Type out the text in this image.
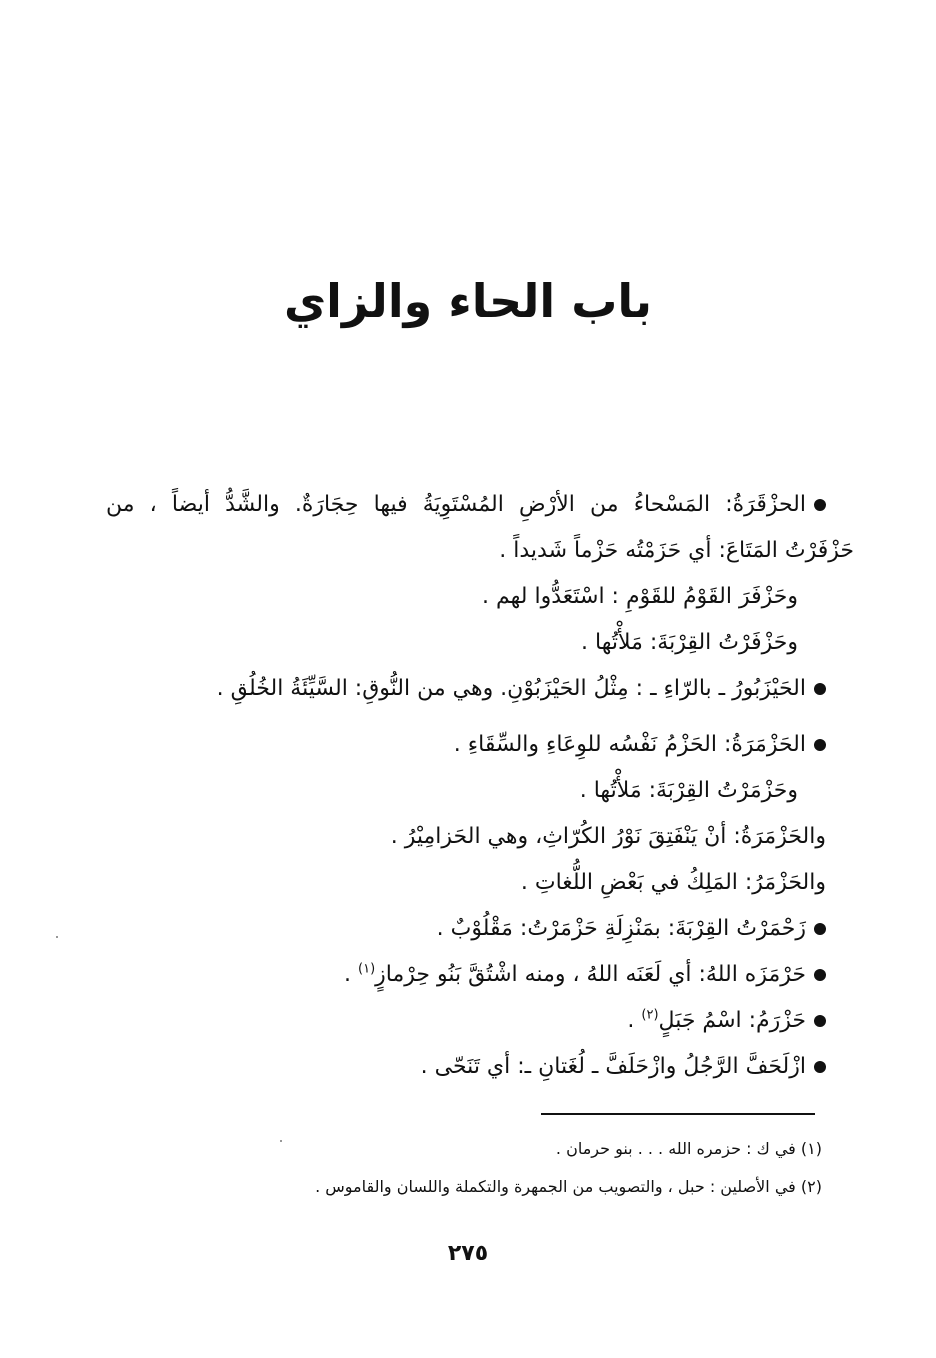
باب الحاء والزاي
الحزْقَرَةُ: المَسْحاءُ من الأرْضِ المُسْتَوِيَةُ فيها حِجَارَةٌ. والشَّدُّ أيضاً ، من
حَزْفَرْتُ المَتَاعَ: أي حَزَمْتُه حَزْماً شَديداً .
وحَزْفَرَ القَوْمُ للقَوْمِ : اسْتَعَدُّوا لهم .
وحَزْفَرْتُ القِرْبَةَ: مَلأْتُها .
الحَيْزَبُورُ ـ بالرّاءِ ـ : مِثْلُ الحَيْزَبُوْنِ. وهي من النُّوقِ: السَّيِّئَةُ الخُلُقِ .
الحَزْمَرَةُ: الحَزْمُ نَفْسُه للوِعَاءِ والسِّقَاءِ .
وحَزْمَرْتُ القِرْبَةَ: مَلأْتُها .
والحَزْمَرَةُ: أنْ يَنْفَتِقَ نَوْرُ الكُرّاثِ، وهي الحَزامِيْرُ .
والحَزْمَرُ: المَلِكُ في بَعْضِ اللُّغاتِ .
زَحْمَرْتُ القِرْبَةَ: بمَنْزِلَةِ حَزْمَرْتُ: مَقْلُوْبٌ .
حَرْمَزَه اللهُ: أي لَعَنَه اللهُ ، ومنه اشْتُقَّ بَنُو حِرْمازٍ$^{(١)}$ .
حَزْرَمُ: اسْمُ جَبَلٍ$^{(٢)}$ .
ازْلَحَفَّ الرَّجُلُ وازْحَلَفَّ ـ لُغَتانِ ـ: أي تَنَحّى .
(١) في ك : حزمره الله . . . بنو حرمان .
(٢) في الأصلين : حبل ، والتصويب من الجمهرة والتكملة واللسان والقاموس .
٢٧٥
